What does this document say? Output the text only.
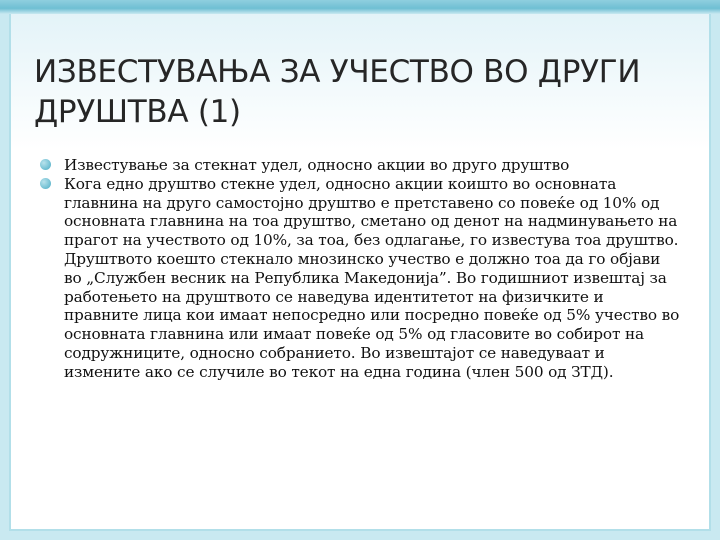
ИЗВЕСТУВАЊА ЗА УЧЕСТВО ВО ДРУГИ ДРУШТВА (1)
Известување за стекнат удел, односно акции во друго друштво
Кога едно друштво стекне удел, односно акции коишто во основната главнина на друго самостојно друштво е претставено со повеќе од 10% од основната главнина на тоа друштво, сметано од денот на надминувањето на прагот на учеството од 10%, за тоа, без одлагање, го известува тоа друштво. Друштвото коешто стекнало мнозинско учество е должно тоа да го објави во „Службен весник на Република Македонија”. Во годишниот извештај за работењето на друштвото се наведува идентитетот на физичките и правните лица кои имаат непосредно или посредно повеќе од 5% учество во основната главнина или имаат повеќе од 5% од гласовите во собирот на содружниците, односно собранието. Во извештајот се наведуваат и измените ако се случиле во текот на една година (член 500 од ЗТД).
